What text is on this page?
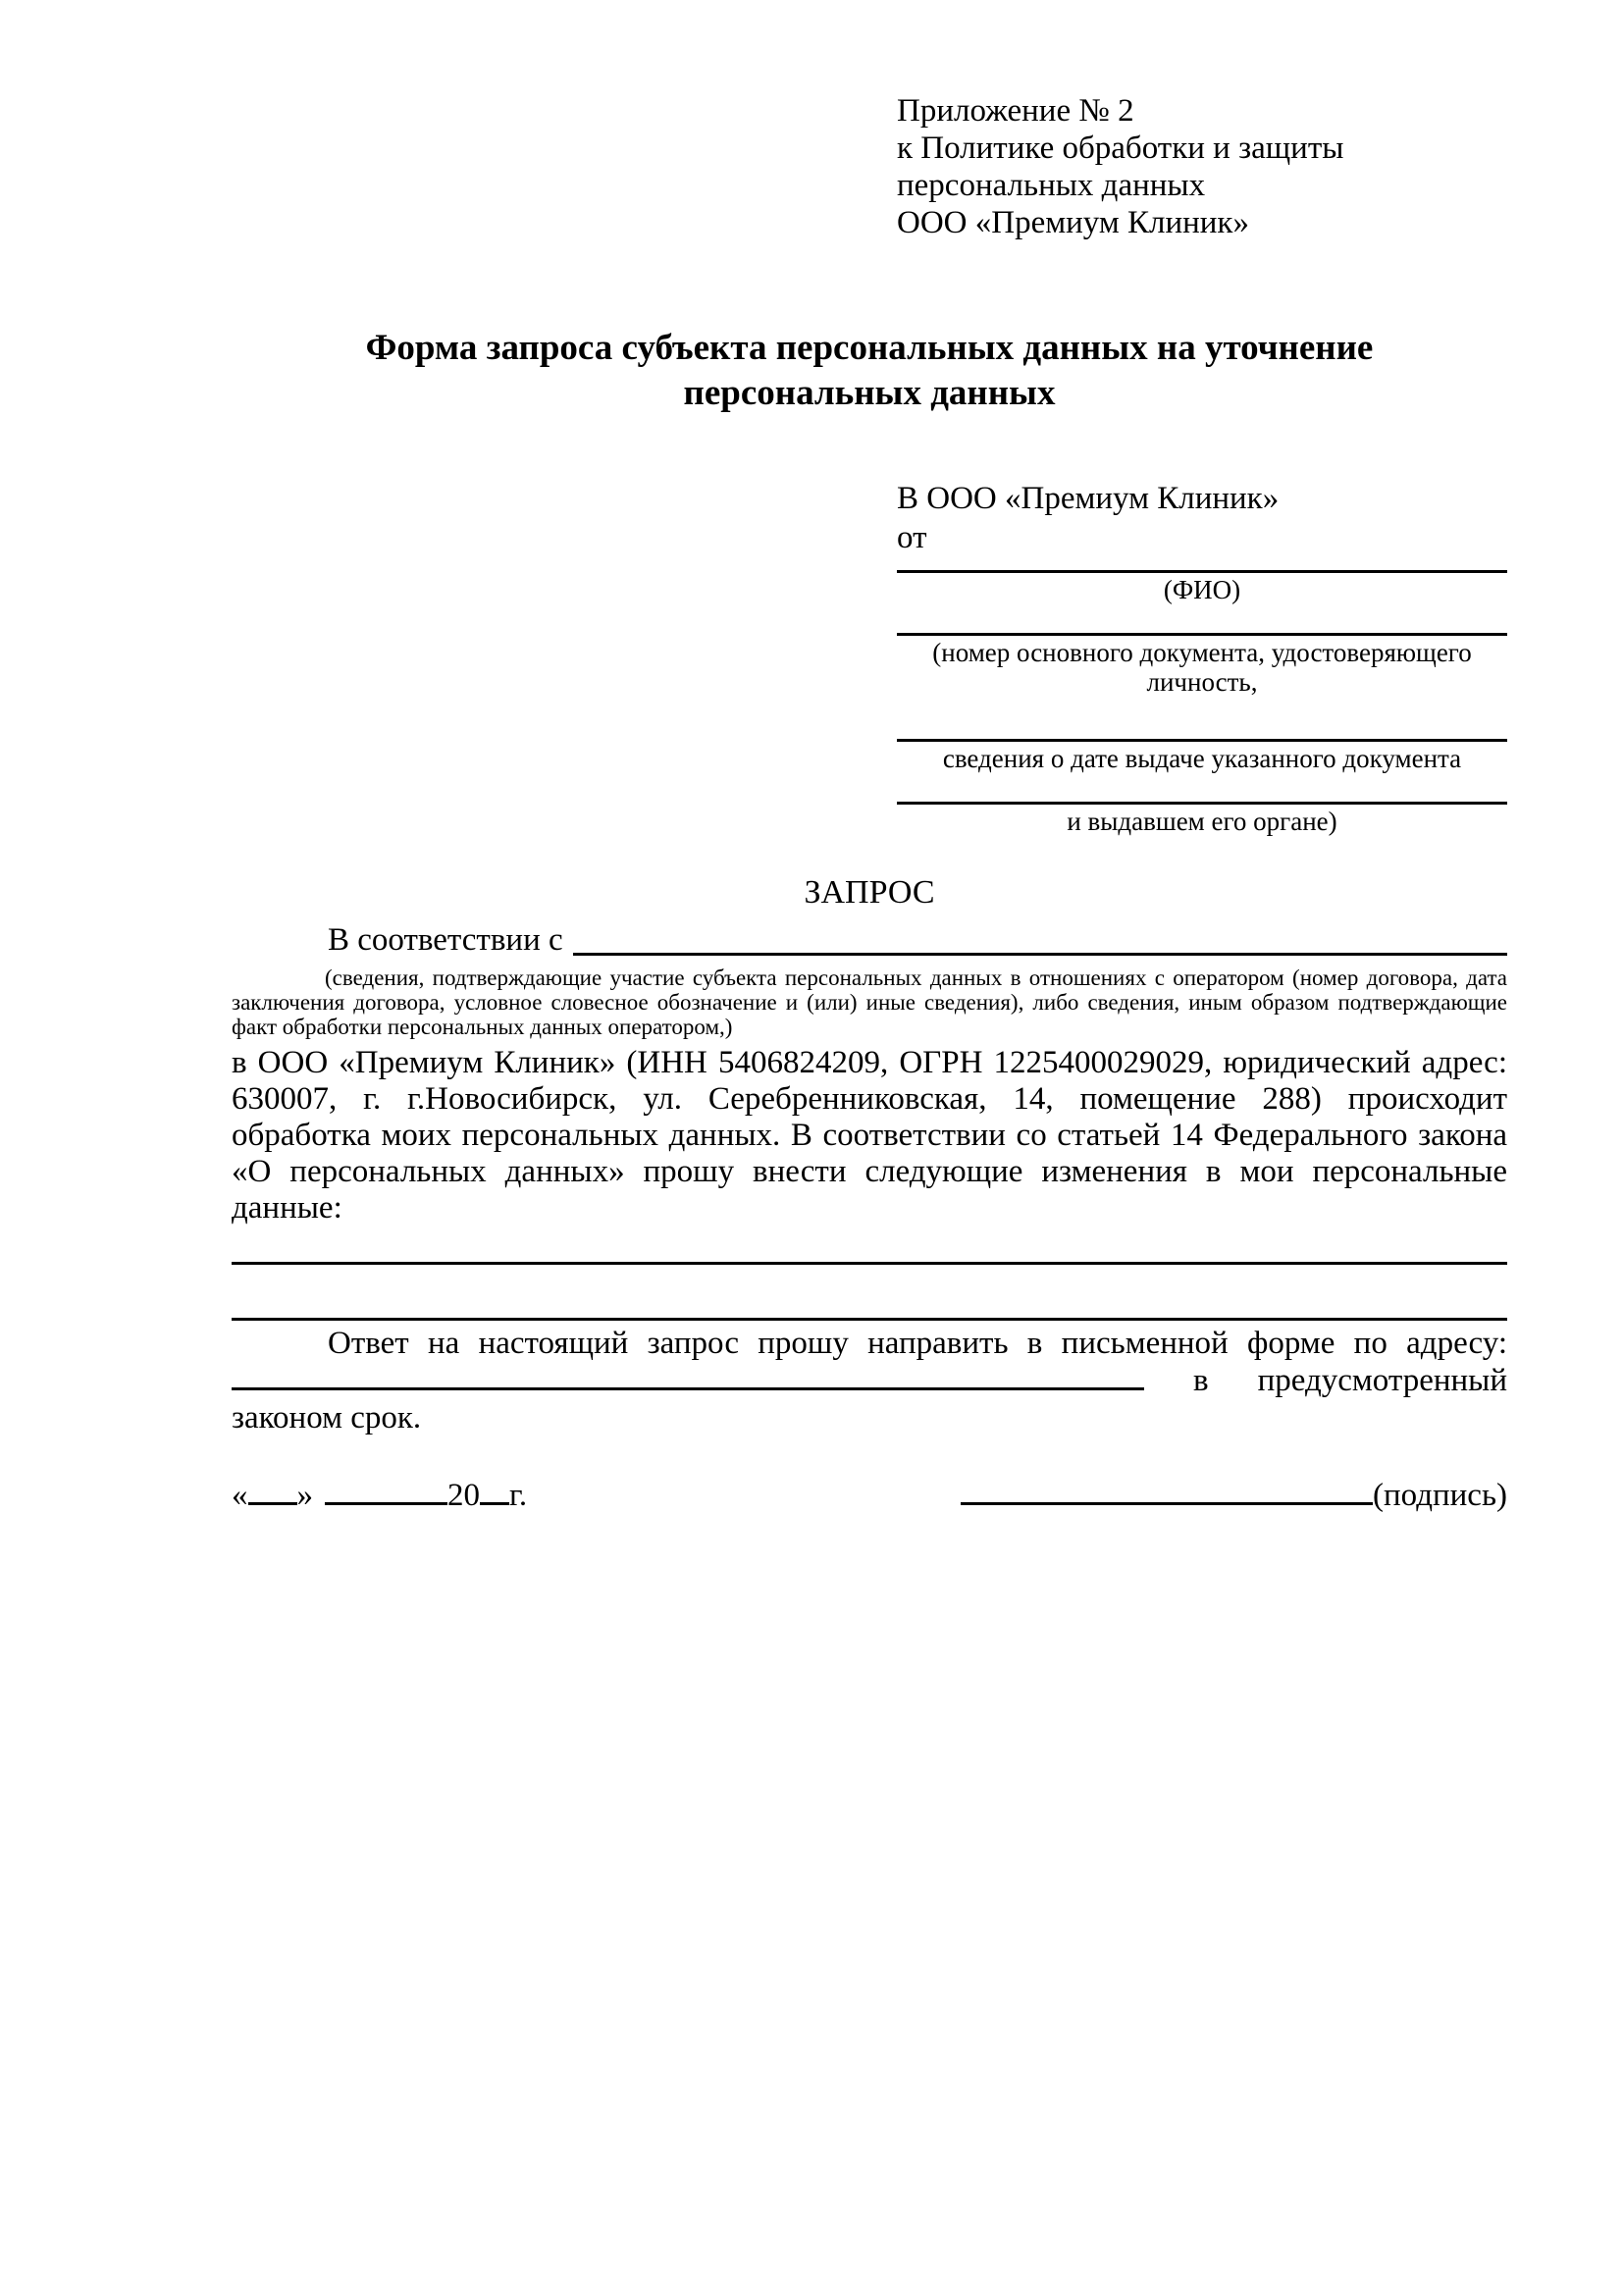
Приложение № 2
к Политике обработки и защиты
персональных данных
ООО «Премиум Клиник»
Форма запроса субъекта персональных данных на уточнение персональных данных
В ООО «Премиум Клиник»
от
(ФИО)
(номер основного документа, удостоверяющего личность,
сведения о дате выдаче указанного документа
и выдавшем его органе)
ЗАПРОС
В соответствии с
(сведения, подтверждающие участие субъекта персональных данных в отношениях с оператором (номер договора, дата заключения договора, условное словесное обозначение и (или) иные сведения), либо сведения, иным образом подтверждающие факт обработки персональных данных оператором,)
в ООО «Премиум Клиник» (ИНН 5406824209, ОГРН 1225400029029, юридический адрес: 630007, г. г.Новосибирск, ул. Серебренниковская, 14, помещение 288) происходит обработка моих персональных данных. В соответствии со статьей 14 Федерального закона «О персональных данных» прошу внести следующие изменения в мои персональные данные:
Ответ на настоящий запрос прошу направить в письменной форме по адресу:  в предусмотренный законом срок.
« »	20 г.	(подпись)
